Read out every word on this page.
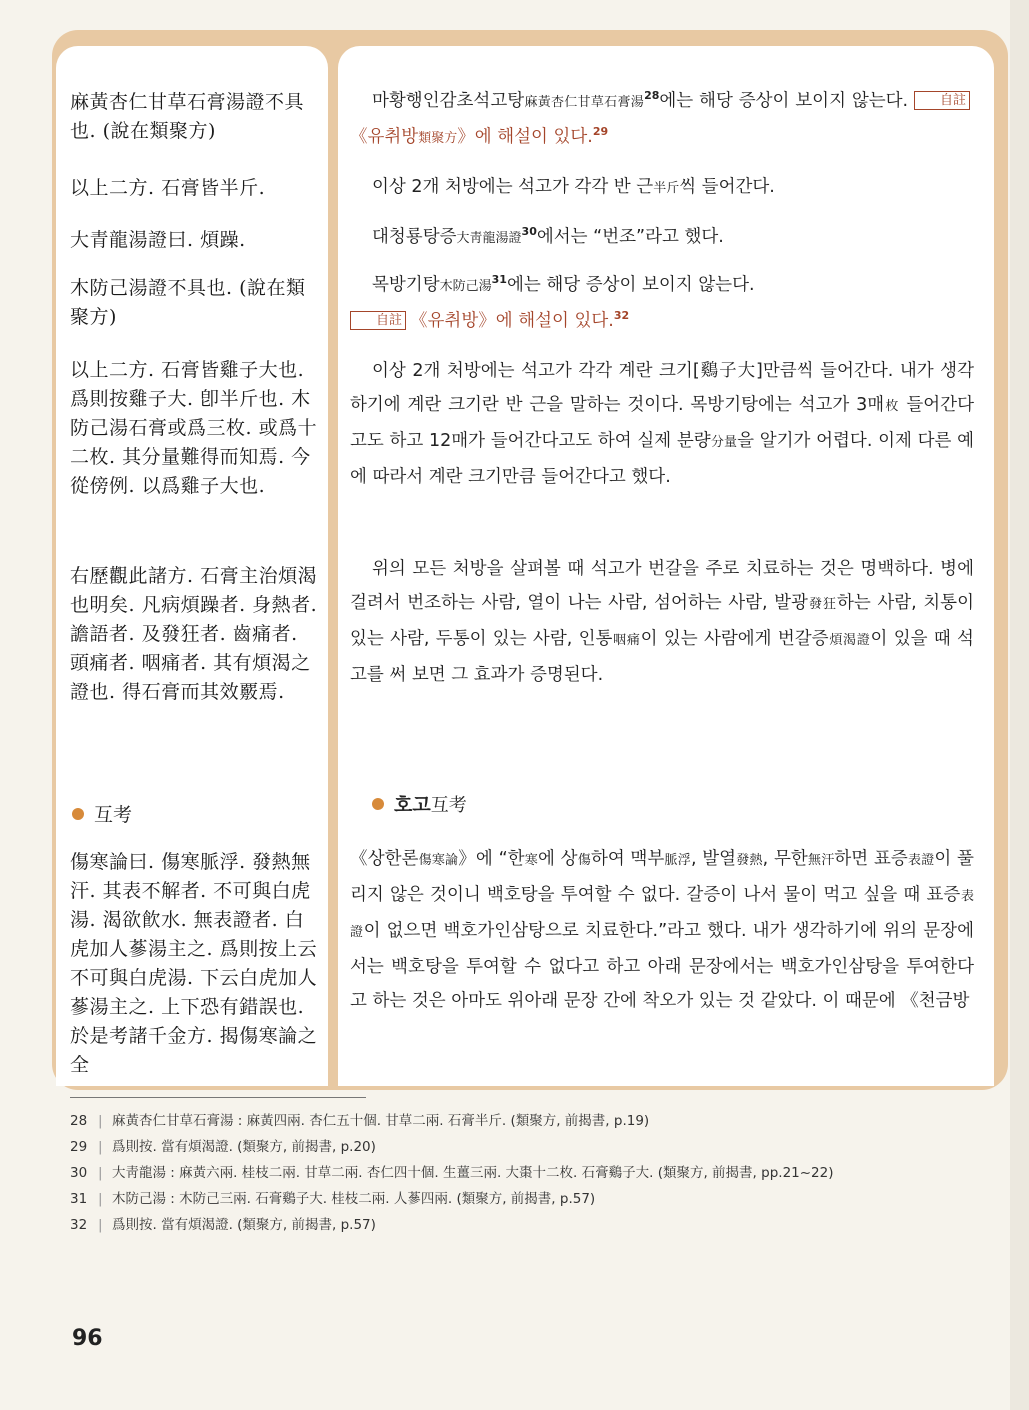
麻黃杏仁甘草石膏湯證不具也. (說在類聚方)
以上二方. 石膏皆半斤.
大青龍湯證曰. 煩躁.
木防己湯證不具也. (說在類聚方)
以上二方. 石膏皆雞子大也. 爲則按雞子大. 卽半斤也. 木防己湯石膏或爲三枚. 或爲十二枚. 其分量難得而知焉. 今從傍例. 以爲雞子大也.
右歷觀此諸方. 石膏主治煩渴也明矣. 凡病煩躁者. 身熱者. 譫語者. 及發狂者. 齒痛者. 頭痛者. 咽痛者. 其有煩渴之證也. 得石膏而其效覈焉.
互考
傷寒論曰. 傷寒脈浮. 發熱無汗. 其表不解者. 不可與白虎湯. 渴欲飮水. 無表證者. 白虎加人蔘湯主之. 爲則按上云不可與白虎湯. 下云白虎加人蔘湯主之. 上下恐有錯誤也. 於是考諸千金方. 揭傷寒論之全
마황행인감초석고탕麻黃杏仁甘草石膏湯$^{28}$에는 해당 증상이 보이지 않는다. 自註《유취방類聚方》에 해설이 있다.$^{29}$
이상 2개 처방에는 석고가 각각 반 근半斤씩 들어간다.
대청룡탕증大靑龍湯證$^{30}$에서는 “번조”라고 했다.
목방기탕木防己湯$^{31}$에는 해당 증상이 보이지 않는다.
自註 《유취방》에 해설이 있다.$^{32}$
이상 2개 처방에는 석고가 각각 계란 크기[鷄子大]만큼씩 들어간다. 내가 생각하기에 계란 크기란 반 근을 말하는 것이다. 목방기탕에는 석고가 3매枚 들어간다고도 하고 12매가 들어간다고도 하여 실제 분량分量을 알기가 어렵다. 이제 다른 예에 따라서 계란 크기만큼 들어간다고 했다.
위의 모든 처방을 살펴볼 때 석고가 번갈을 주로 치료하는 것은 명백하다. 병에 걸려서 번조하는 사람, 열이 나는 사람, 섬어하는 사람, 발광發狂하는 사람, 치통이 있는 사람, 두통이 있는 사람, 인통咽痛이 있는 사람에게 번갈증煩渴證이 있을 때 석고를 써 보면 그 효과가 증명된다.
호고互考
《상한론傷寒論》에 “한寒에 상傷하여 맥부脈浮, 발열發熱, 무한無汗하면 표증表證이 풀리지 않은 것이니 백호탕을 투여할 수 없다. 갈증이 나서 물이 먹고 싶을 때 표증表證이 없으면 백호가인삼탕으로 치료한다.”라고 했다. 내가 생각하기에 위의 문장에서는 백호탕을 투여할 수 없다고 하고 아래 문장에서는 백호가인삼탕을 투여한다고 하는 것은 아마도 위아래 문장 간에 착오가 있는 것 같았다. 이 때문에 《천금방
28 | 麻黃杏仁甘草石膏湯 : 麻黃四兩. 杏仁五十個. 甘草二兩. 石膏半斤. (類聚方, 前揭書, p.19)
29 | 爲則按. 當有煩渴證. (類聚方, 前揭書, p.20)
30 | 大靑龍湯 : 麻黃六兩. 桂枝二兩. 甘草二兩. 杏仁四十個. 生薑三兩. 大棗十二枚. 石膏鷄子大. (類聚方, 前揭書, pp.21~22)
31 | 木防己湯 : 木防己三兩. 石膏鷄子大. 桂枝二兩. 人蔘四兩. (類聚方, 前揭書, p.57)
32 | 爲則按. 當有煩渴證. (類聚方, 前揭書, p.57)
96
